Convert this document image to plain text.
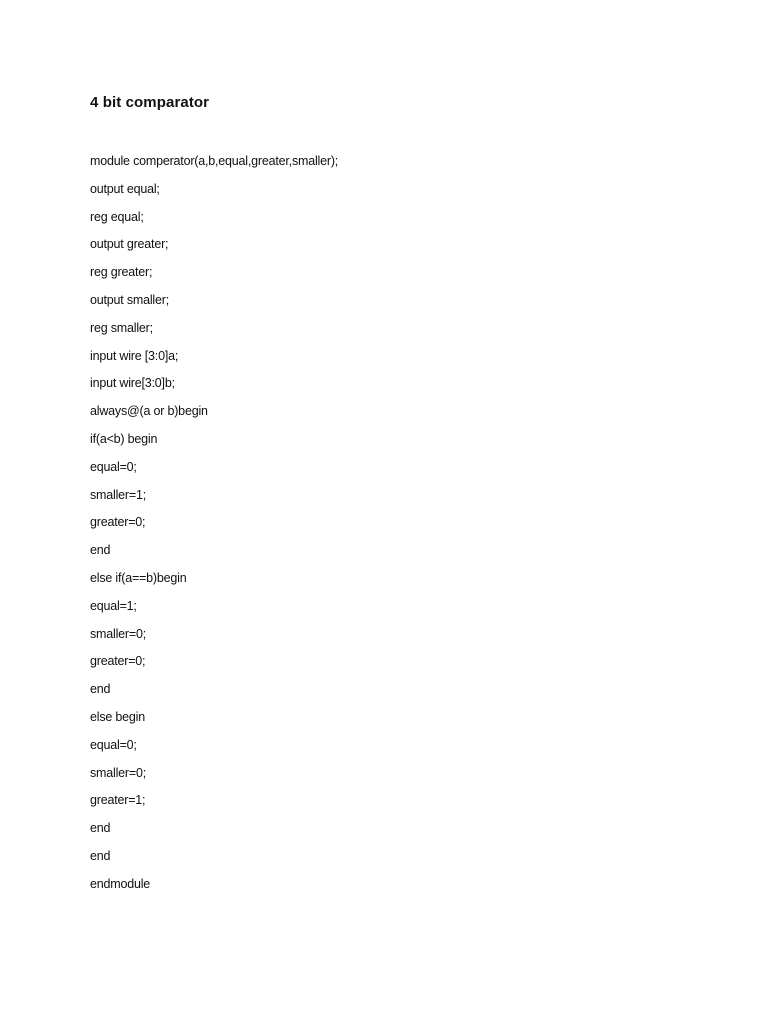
4 bit comparator
module comperator(a,b,equal,greater,smaller);
output equal;
reg equal;
output greater;
reg greater;
output smaller;
reg smaller;
input wire [3:0]a;
input wire[3:0]b;
always@(a or b)begin
if(a<b) begin
equal=0;
smaller=1;
greater=0;
end
else if(a==b)begin
equal=1;
smaller=0;
greater=0;
end
else begin
equal=0;
smaller=0;
greater=1;
end
end
endmodule
